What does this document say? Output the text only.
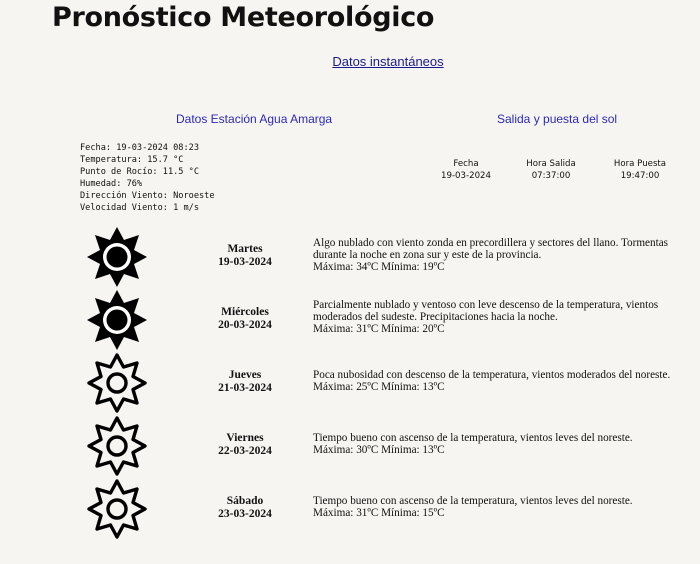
Pronóstico Meteorológico
Datos instantáneos
Datos Estación Agua Amarga	Salida y puesta del sol
Fecha: 19-03-2024 08:23
Temperatura: 15.7 °C
Punto de Rocío: 11.5 °C
Humedad: 76%
Dirección Viento: Noroeste
Velocidad Viento: 1 m/s
Fecha
19-03-2024
Hora Salida
07:37:00
Hora Puesta
19:47:00
Martes
19-03-2024
Algo nublado con viento zonda en precordillera y sectores del llano. Tormentas durante la noche en zona sur y este de la provincia.
Máxima: 34ºC Mínima: 19ºC
Miércoles
20-03-2024
Parcialmente nublado y ventoso con leve descenso de la temperatura, vientos moderados del sudeste. Precipitaciones hacia la noche.
Máxima: 31ºC Mínima: 20ºC
Jueves
21-03-2024
Poca nubosidad con descenso de la temperatura, vientos moderados del noreste.
Máxima: 25ºC Mínima: 13ºC
Viernes
22-03-2024
Tiempo bueno con ascenso de la temperatura, vientos leves del noreste.
Máxima: 30ºC Mínima: 13ºC
Sábado
23-03-2024
Tiempo bueno con ascenso de la temperatura, vientos leves del noreste.
Máxima: 31ºC Mínima: 15ºC
